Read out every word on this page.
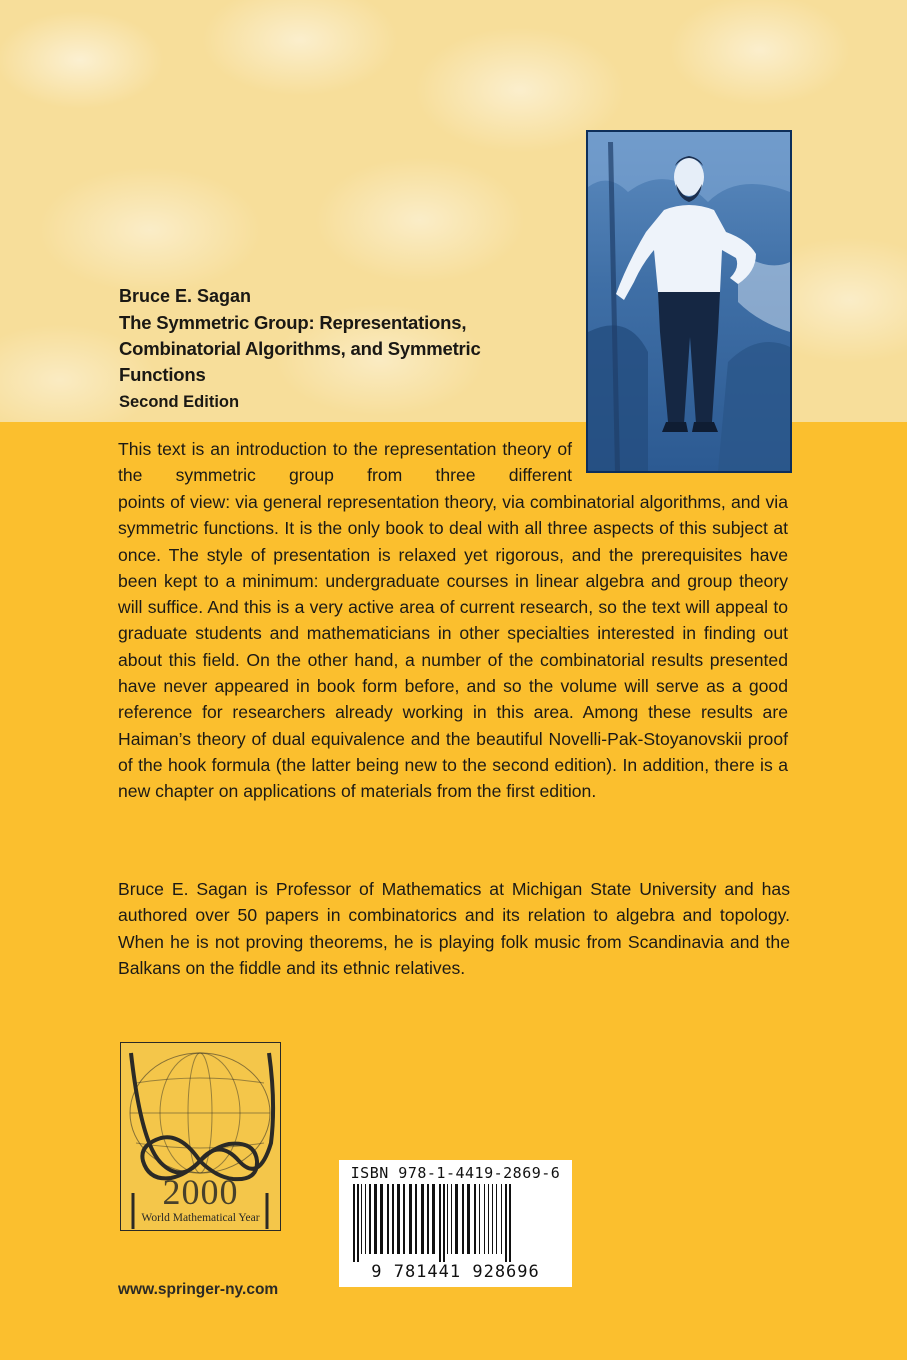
Bruce E. Sagan
The Symmetric Group: Representations,
Combinatorial Algorithms, and Symmetric
Functions
Second Edition
This text is an introduction to the representation theory of the symmetric group from three different
points of view: via general representation theory, via combinatorial algorithms, and via symmetric functions. It is the only book to deal with all three aspects of this subject at once. The style of presentation is relaxed yet rigorous, and the prerequisites have been kept to a minimum: undergraduate courses in linear algebra and group theory will suffice. And this is a very active area of current research, so the text will appeal to graduate students and mathematicians in other specialties interested in finding out about this field. On the other hand, a number of the combinatorial results presented have never appeared in book form before, and so the volume will serve as a good reference for researchers already working in this area. Among these results are Haiman’s theory of dual equivalence and the beautiful Novelli-Pak-Stoyanovskii proof of the hook formula (the latter being new to the second edition). In addition, there is a new chapter on applications of materials from the first edition.
Bruce E. Sagan is Professor of Mathematics at Michigan State University and has authored over 50 papers in combinatorics and its relation to algebra and topology. When he is not proving theorems, he is playing folk music from Scandinavia and the Balkans on the fiddle and its ethnic relatives.
2000
World Mathematical Year
www.springer-ny.com
ISBN 978-1-4419-2869-6
9 781441 928696
